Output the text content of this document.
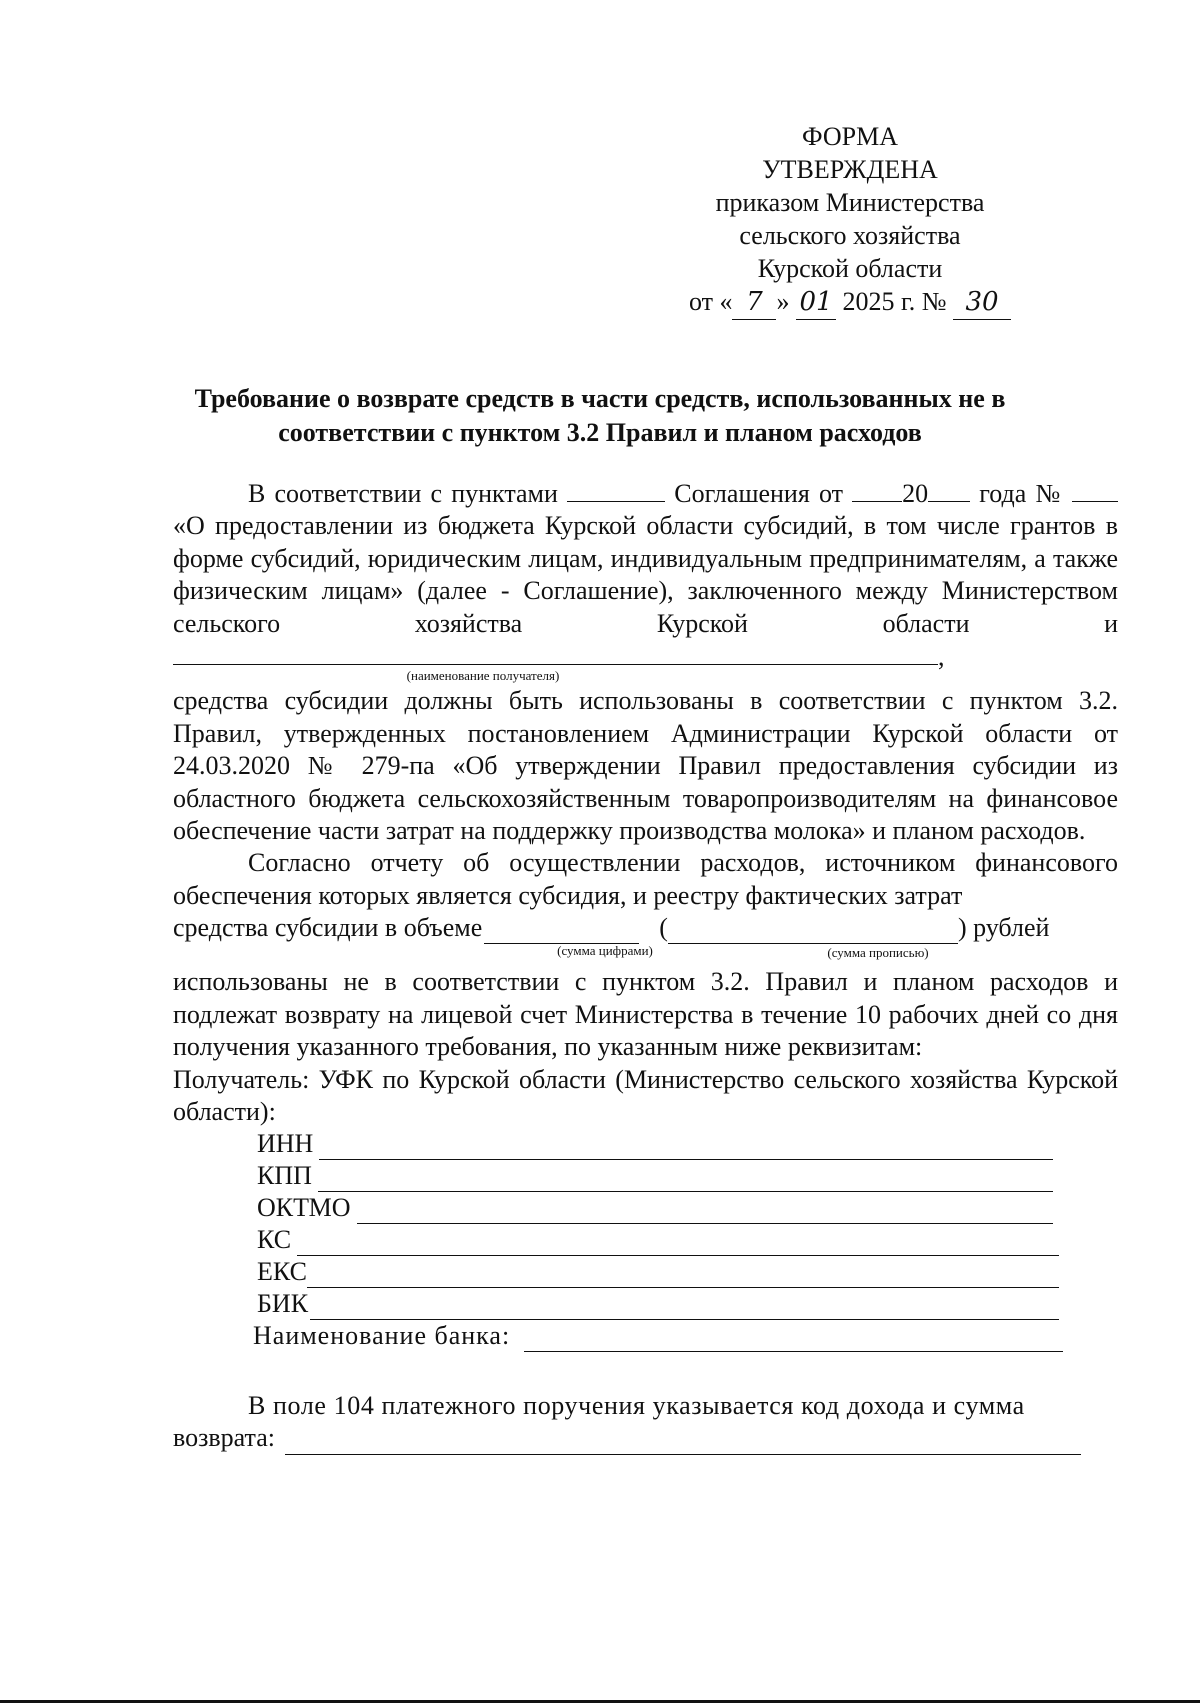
ФОРМА
УТВЕРЖДЕНА
приказом Министерства
сельского хозяйства
Курской области
от « 7 » 01 2025 г. № 30
Требование о возврате средств в части средств, использованных не в
соответствии с пунктом 3.2 Правил и планом расходов

В соответствии с пунктами	Соглашения от 20 года №  «О предоставлении из бюджета Курской области субсидий, в том числе грантов в форме субсидий, юридическим лицам, индивидуальным предпринимателям, а также физическим лицам» (далее - Соглашение), заключенного между Министерством сельского хозяйства Курской области и ,

(наименование получателя)

средства субсидии должны быть использованы в соответствии с пунктом 3.2. Правил, утвержденных постановлением Администрации Курской области от 24.03.2020 № 279-па «Об утверждении Правил предоставления субсидии из областного бюджета сельскохозяйственным товаропроизводителям на финансовое обеспечение части затрат на поддержку производства молока» и планом расходов.

Согласно отчету об осуществлении расходов, источником финансового обеспечения которых является субсидия, и реестру фактических затрат

средства субсидии в объеме	(	) рублей
(сумма цифрами)	(сумма прописью)

использованы не в соответствии с пунктом 3.2. Правил и планом расходов и подлежат возврату на лицевой счет Министерства в течение 10 рабочих дней со дня получения указанного требования, по указанным ниже реквизитам:

Получатель: УФК по Курской области (Министерство сельского хозяйства Курской области):

ИНН
КПП
ОКТМО
КС
ЕКС
БИК
Наименование банка:

В поле 104 платежного поручения указывается код дохода и сумма

возврата:
